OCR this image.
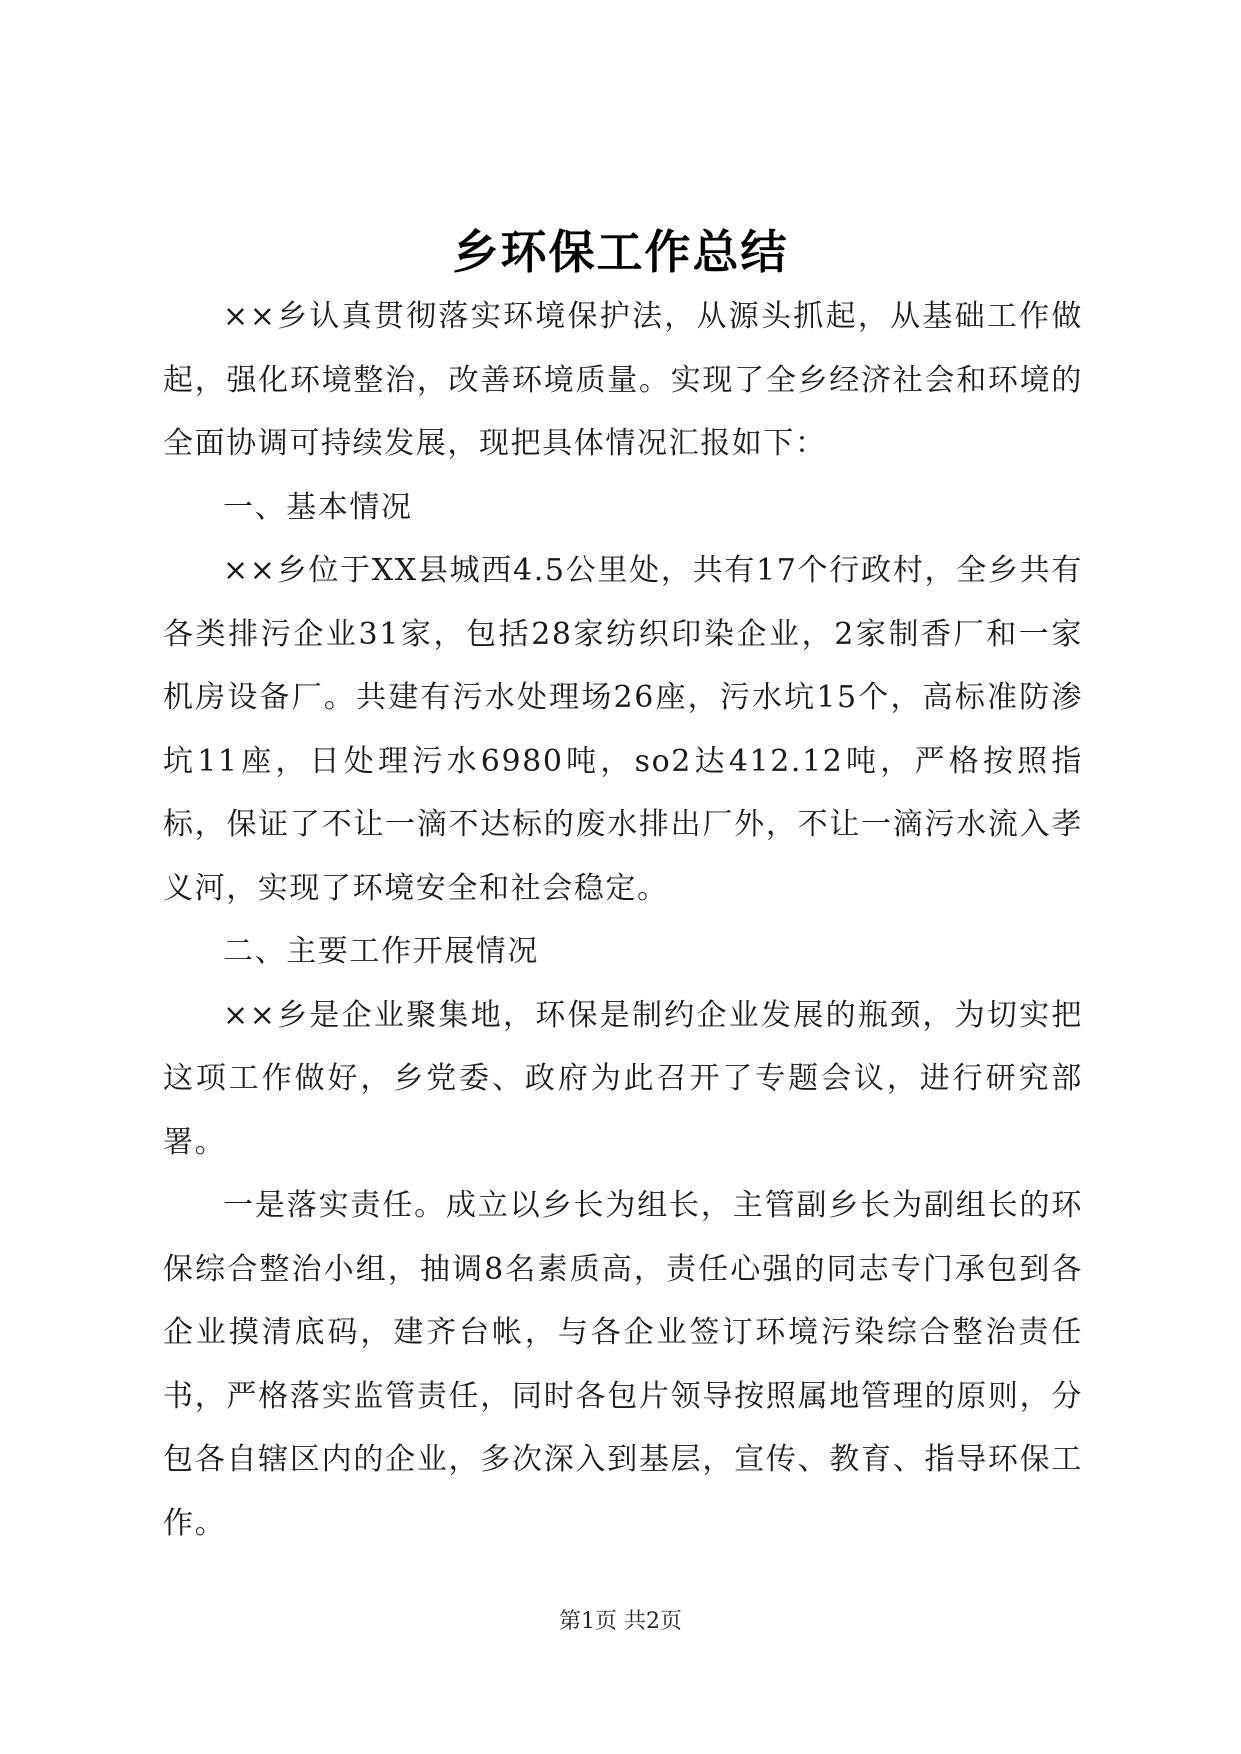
乡环保工作总结

××乡认真贯彻落实环境保护法，从源头抓起，从基础工作做起，强化环境整治，改善环境质量。实现了全乡经济社会和环境的全面协调可持续发展，现把具体情况汇报如下：

一、基本情况

××乡位于XX县城西4.5公里处，共有17个行政村，全乡共有各类排污企业31家，包括28家纺织印染企业，2家制香厂和一家机房设备厂。共建有污水处理场26座，污水坑15个，高标准防渗坑11座，日处理污水6980吨，so2达412.12吨，严格按照指标，保证了不让一滴不达标的废水排出厂外，不让一滴污水流入孝义河，实现了环境安全和社会稳定。

二、主要工作开展情况

××乡是企业聚集地，环保是制约企业发展的瓶颈，为切实把这项工作做好，乡党委、政府为此召开了专题会议，进行研究部署。

一是落实责任。成立以乡长为组长，主管副乡长为副组长的环保综合整治小组，抽调8名素质高，责任心强的同志专门承包到各企业摸清底码，建齐台帐，与各企业签订环境污染综合整治责任书，严格落实监管责任，同时各包片领导按照属地管理的原则，分包各自辖区内的企业，多次深入到基层，宣传、教育、指导环保工作。

第1页 共2页
